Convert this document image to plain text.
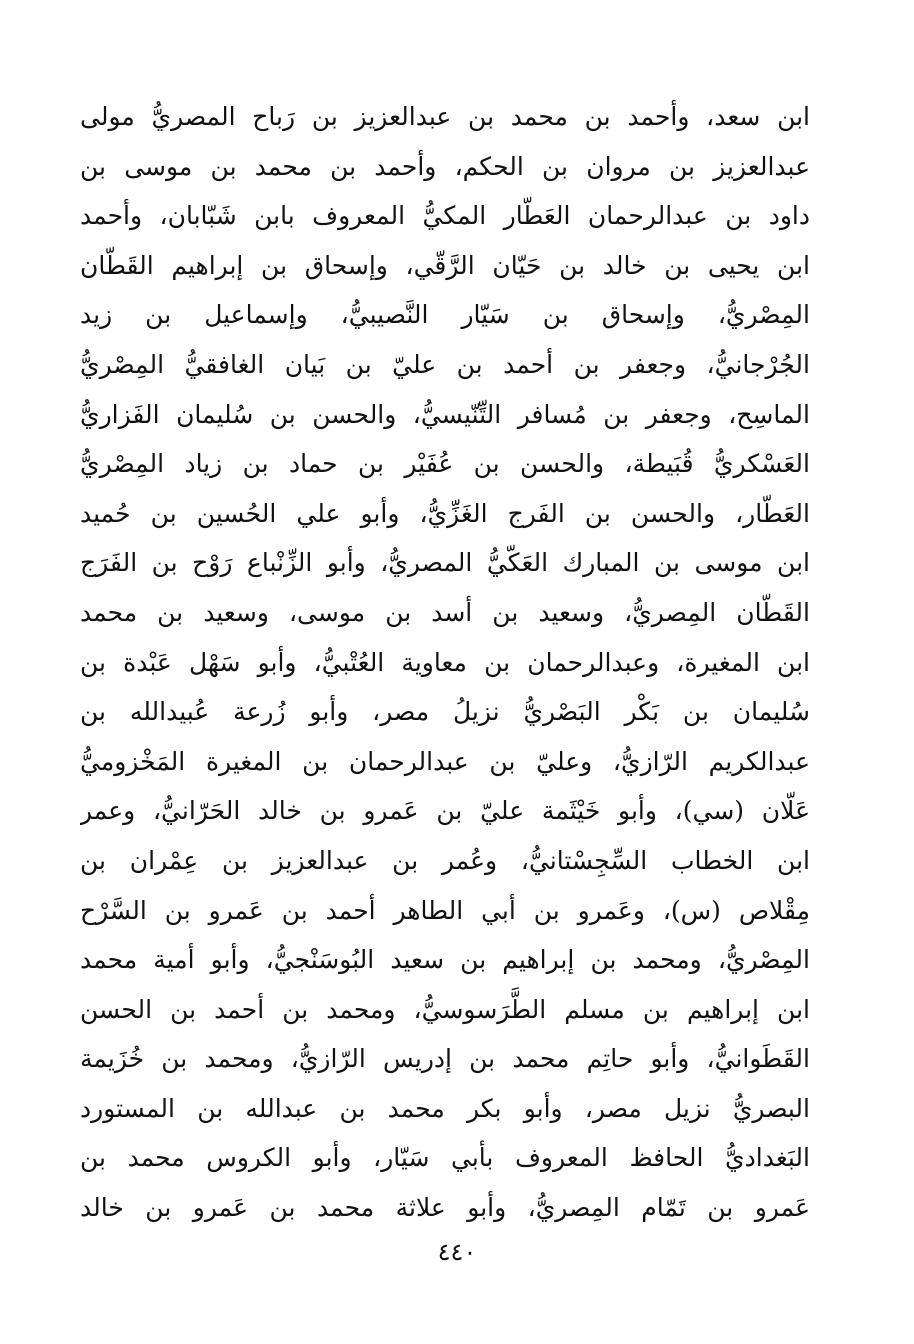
ابن سعد، وأحمد بن محمد بن عبدالعزيز بن رَباح المصريُّ مولى
عبدالعزيز بن مروان بن الحكم، وأحمد بن محمد بن موسى بن
داود بن عبدالرحمان العَطّار المكيُّ المعروف بابن شَبّابان، وأحمد
ابن يحيى بن خالد بن حَيّان الرَّقّي، وإسحاق بن إبراهيم القَطّان
المِصْريُّ، وإسحاق بن سَيّار النَّصيبيُّ، وإسماعيل بن زيد
الجُرْجانيُّ، وجعفر بن أحمد بن عليّ بن بَيان الغافقيُّ المِصْريُّ
الماسِح، وجعفر بن مُسافر التِّنّيسيُّ، والحسن بن سُليمان الفَزاريُّ
العَسْكريُّ قُبَيطة، والحسن بن عُفَيْر بن حماد بن زياد المِصْريُّ
العَطّار، والحسن بن الفَرج الغَزِّيُّ، وأبو علي الحُسين بن حُميد
ابن موسى بن المبارك العَكّيُّ المصريُّ، وأبو الزِّنْباع رَوْح بن الفَرَج
القَطّان المِصريُّ، وسعيد بن أسد بن موسى، وسعيد بن محمد
ابن المغيرة، وعبدالرحمان بن معاوية العُتْبيُّ، وأبو سَهْل عَبْدة بن
سُليمان بن بَكْر البَصْريُّ نزيلُ مصر، وأبو زُرعة عُبيدالله بن
عبدالكريم الرّازيُّ، وعليّ بن عبدالرحمان بن المغيرة المَخْزوميُّ
عَلّان (سي)، وأبو خَيْثَمة عليّ بن عَمرو بن خالد الحَرّانيُّ، وعمر
ابن الخطاب السِّجِسْتانيُّ، وعُمر بن عبدالعزيز بن عِمْران بن
مِقْلاص (س)، وعَمرو بن أبي الطاهر أحمد بن عَمرو بن السَّرْح
المِصْريُّ، ومحمد بن إبراهيم بن سعيد البُوسَنْجيُّ، وأبو أمية محمد
ابن إبراهيم بن مسلم الطَّرَسوسيُّ، ومحمد بن أحمد بن الحسن
القَطَوانيُّ، وأبو حاتِم محمد بن إدريس الرّازيُّ، ومحمد بن خُزَيمة
البصريُّ نزيل مصر، وأبو بكر محمد بن عبدالله بن المستورد
البَغداديُّ الحافظ المعروف بأبي سَيّار، وأبو الكروس محمد بن
عَمرو بن تَمّام المِصريُّ، وأبو علاثة محمد بن عَمرو بن خالد
٤٤٠
